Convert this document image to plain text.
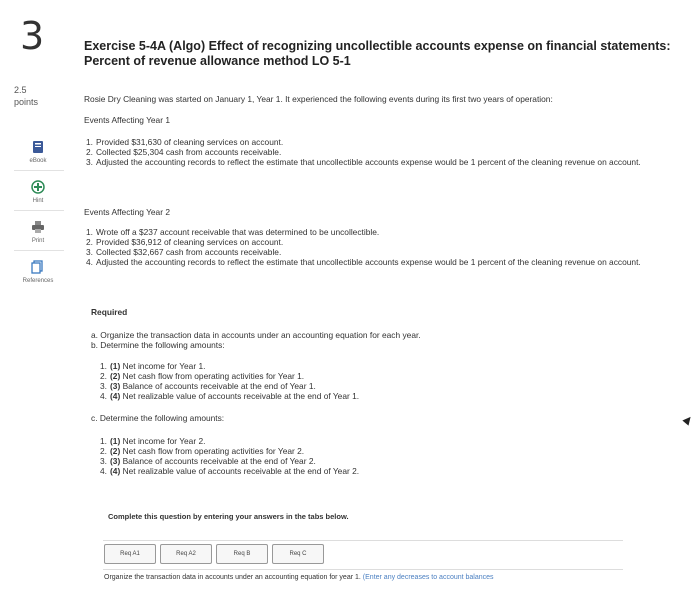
3
2.5
points
eBook
Hint
Print
References
Exercise 5-4A (Algo) Effect of recognizing uncollectible accounts expense on financial statements:
Percent of revenue allowance method LO 5-1
Rosie Dry Cleaning was started on January 1, Year 1. It experienced the following events during its first two years of operation:
Events Affecting Year 1
1. Provided $31,630 of cleaning services on account.
2. Collected $25,304 cash from accounts receivable.
3. Adjusted the accounting records to reflect the estimate that uncollectible accounts expense would be 1 percent of the cleaning revenue on account.
Events Affecting Year 2
1. Wrote off a $237 account receivable that was determined to be uncollectible.
2. Provided $36,912 of cleaning services on account.
3. Collected $32,667 cash from accounts receivable.
4. Adjusted the accounting records to reflect the estimate that uncollectible accounts expense would be 1 percent of the cleaning revenue on account.
Required
a. Organize the transaction data in accounts under an accounting equation for each year.
b. Determine the following amounts:
1. (1) Net income for Year 1.
2. (2) Net cash flow from operating activities for Year 1.
3. (3) Balance of accounts receivable at the end of Year 1.
4. (4) Net realizable value of accounts receivable at the end of Year 1.
c. Determine the following amounts:
1. (1) Net income for Year 2.
2. (2) Net cash flow from operating activities for Year 2.
3. (3) Balance of accounts receivable at the end of Year 2.
4. (4) Net realizable value of accounts receivable at the end of Year 2.
Complete this question by entering your answers in the tabs below.
Req A1	Req A2	Req B	Req C
Organize the transaction data in accounts under an accounting equation for year 1. (Enter any decreases to account balances
